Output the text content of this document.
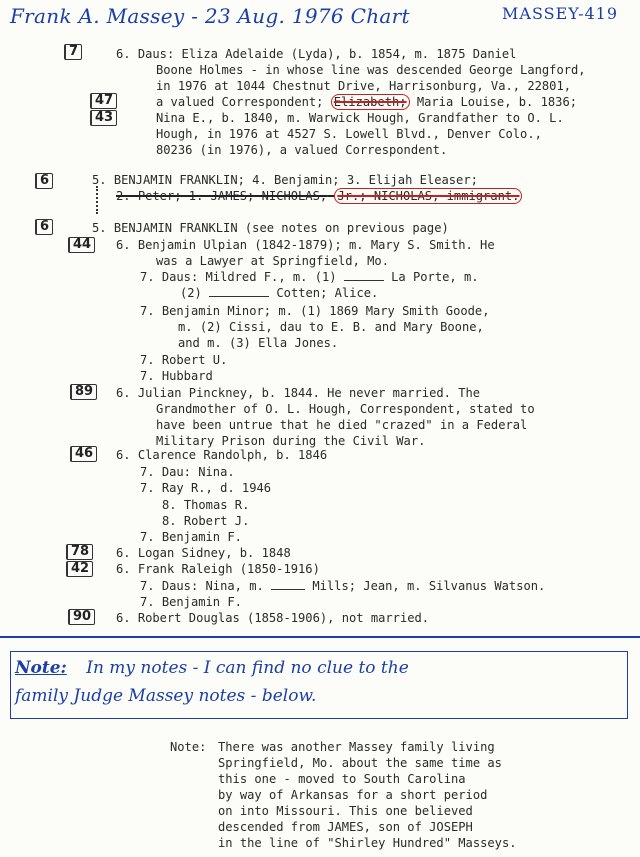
Frank A. Massey - 23 Aug. 1976 Chart	MASSEY-419
7
47
43
6
6
44
89
46
78
42
90
6. Daus: Eliza Adelaide (Lyda), b. 1854, m. 1875 Daniel
Boone Holmes - in whose line was descended George Langford,
in 1976 at 1044 Chestnut Drive, Harrisonburg, Va., 22801,
a valued Correspondent; Elizabeth; Maria Louise, b. 1836;
Nina E., b. 1840, m. Warwick Hough, Grandfather to O. L.
Hough, in 1976 at 4527 S. Lowell Blvd., Denver Colo.,
80236 (in 1976), a valued Correspondent.
5. BENJAMIN FRANKLIN; 4. Benjamin; 3. Elijah Eleaser;
2. Peter; 1. JAMES; NICHOLAS, Jr.; NICHOLAS, immigrant.
5. BENJAMIN FRANKLIN (see notes on previous page)
6. Benjamin Ulpian (1842-1879); m. Mary S. Smith. He
was a Lawyer at Springfield, Mo.
7. Daus: Mildred F., m. (1)	La Porte, m.
(2)	Cotten; Alice.
7. Benjamin Minor; m. (1) 1869 Mary Smith Goode,
m. (2) Cissi, dau to E. B. and Mary Boone,
and m. (3) Ella Jones.
7. Robert U.
7. Hubbard
6. Julian Pinckney, b. 1844. He never married. The
Grandmother of O. L. Hough, Correspondent, stated to
have been untrue that he died "crazed" in a Federal
Military Prison during the Civil War.
6. Clarence Randolph, b. 1846
7. Dau: Nina.
7. Ray R., d. 1946
8. Thomas R.
8. Robert J.
7. Benjamin F.
6. Logan Sidney, b. 1848
6. Frank Raleigh (1850-1916)
7. Daus: Nina, m.	Mills; Jean, m. Silvanus Watson.
7. Benjamin F.
6. Robert Douglas (1858-1906), not married.
Note: In my notes - I can find no clue to the
family Judge Massey notes - below.
Note: There was another Massey family living
Springfield, Mo. about the same time as
this one - moved to South Carolina
by way of Arkansas for a short period
on into Missouri. This one believed
descended from JAMES, son of JOSEPH
in the line of "Shirley Hundred" Masseys.
